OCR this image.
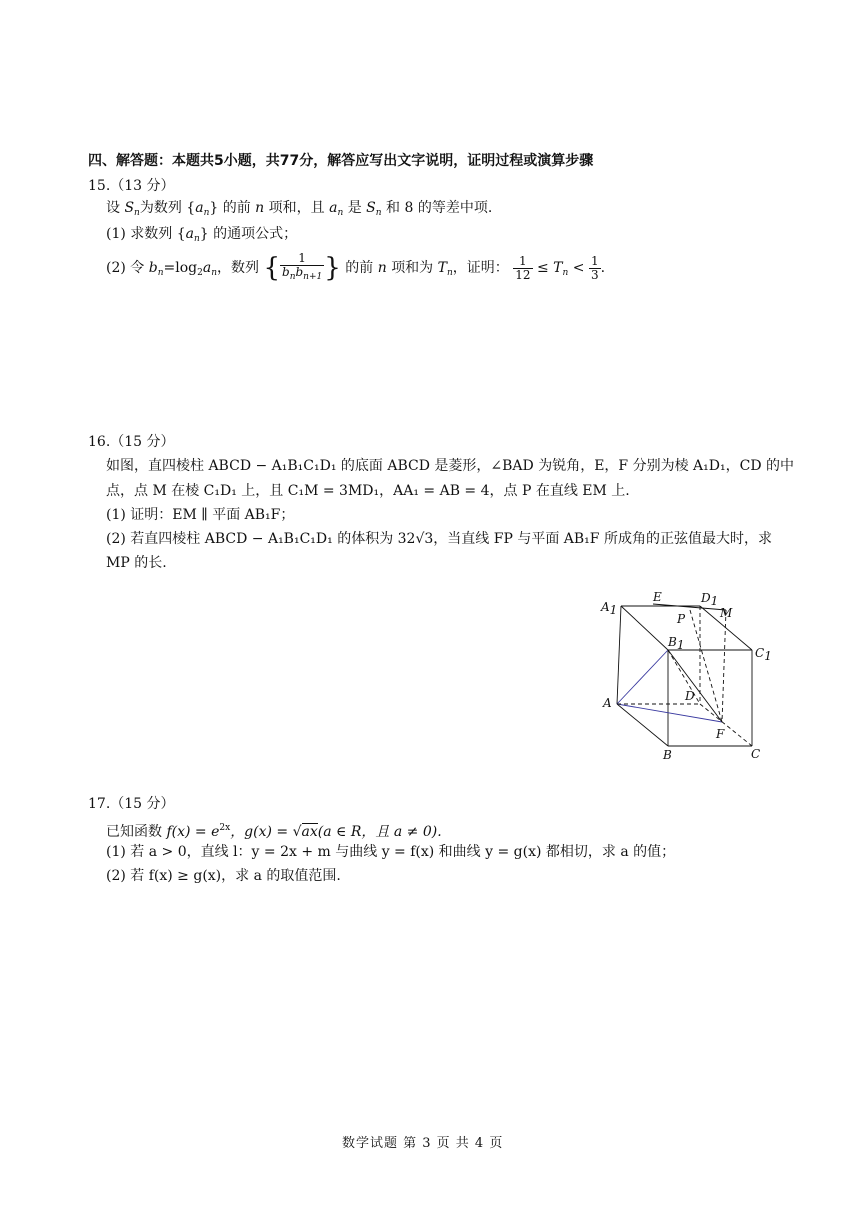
四、解答题：本题共5小题，共77分，解答应写出文字说明，证明过程或演算步骤
15.（13 分）
设 $S_n$为数列 $\{a_n\}$ 的前 n 项和，且 $a_n$ 是 $S_n$ 和 8 的等差中项.
(1) 求数列 $\{a_n\}$ 的通项公式；
(2) 令 $b_n=\log_2a_n$，数列 { $\frac{1}{b_nb_{n+1}}$ } 的前 n 项和为 $T_n$，证明： $\frac{1}{12} \le T_n < \frac{1}{3}$ .
16.（15 分）
如图，直四棱柱 ABCD − A₁B₁C₁D₁ 的底面 ABCD 是菱形，∠BAD 为锐角，E，F 分别为棱 A₁D₁，CD 的中
点，点 M 在棱 C₁D₁ 上，且 C₁M = 3MD₁，AA₁ = AB = 4，点 P 在直线 EM 上.
(1) 证明：EM ∥ 平面 AB₁F；
(2) 若直四棱柱 ABCD − A₁B₁C₁D₁ 的体积为 32√3，当直线 FP 与平面 AB₁F 所成角的正弦值最大时，求
MP 的长.
A1
E	D1
M
P
B1
C1
D
A
F
B	C
17.（15 分）
已知函数 $f(x) = e^{2x}$，g(x) = √ax(a ∈ R，且 a ≠ 0).
(1) 若 a > 0，直线 l：y = 2x + m 与曲线 y = f(x) 和曲线 y = g(x) 都相切，求 a 的值；
(2) 若 f(x) ≥ g(x)，求 a 的取值范围.
数学试题 第 3 页 共 4 页
